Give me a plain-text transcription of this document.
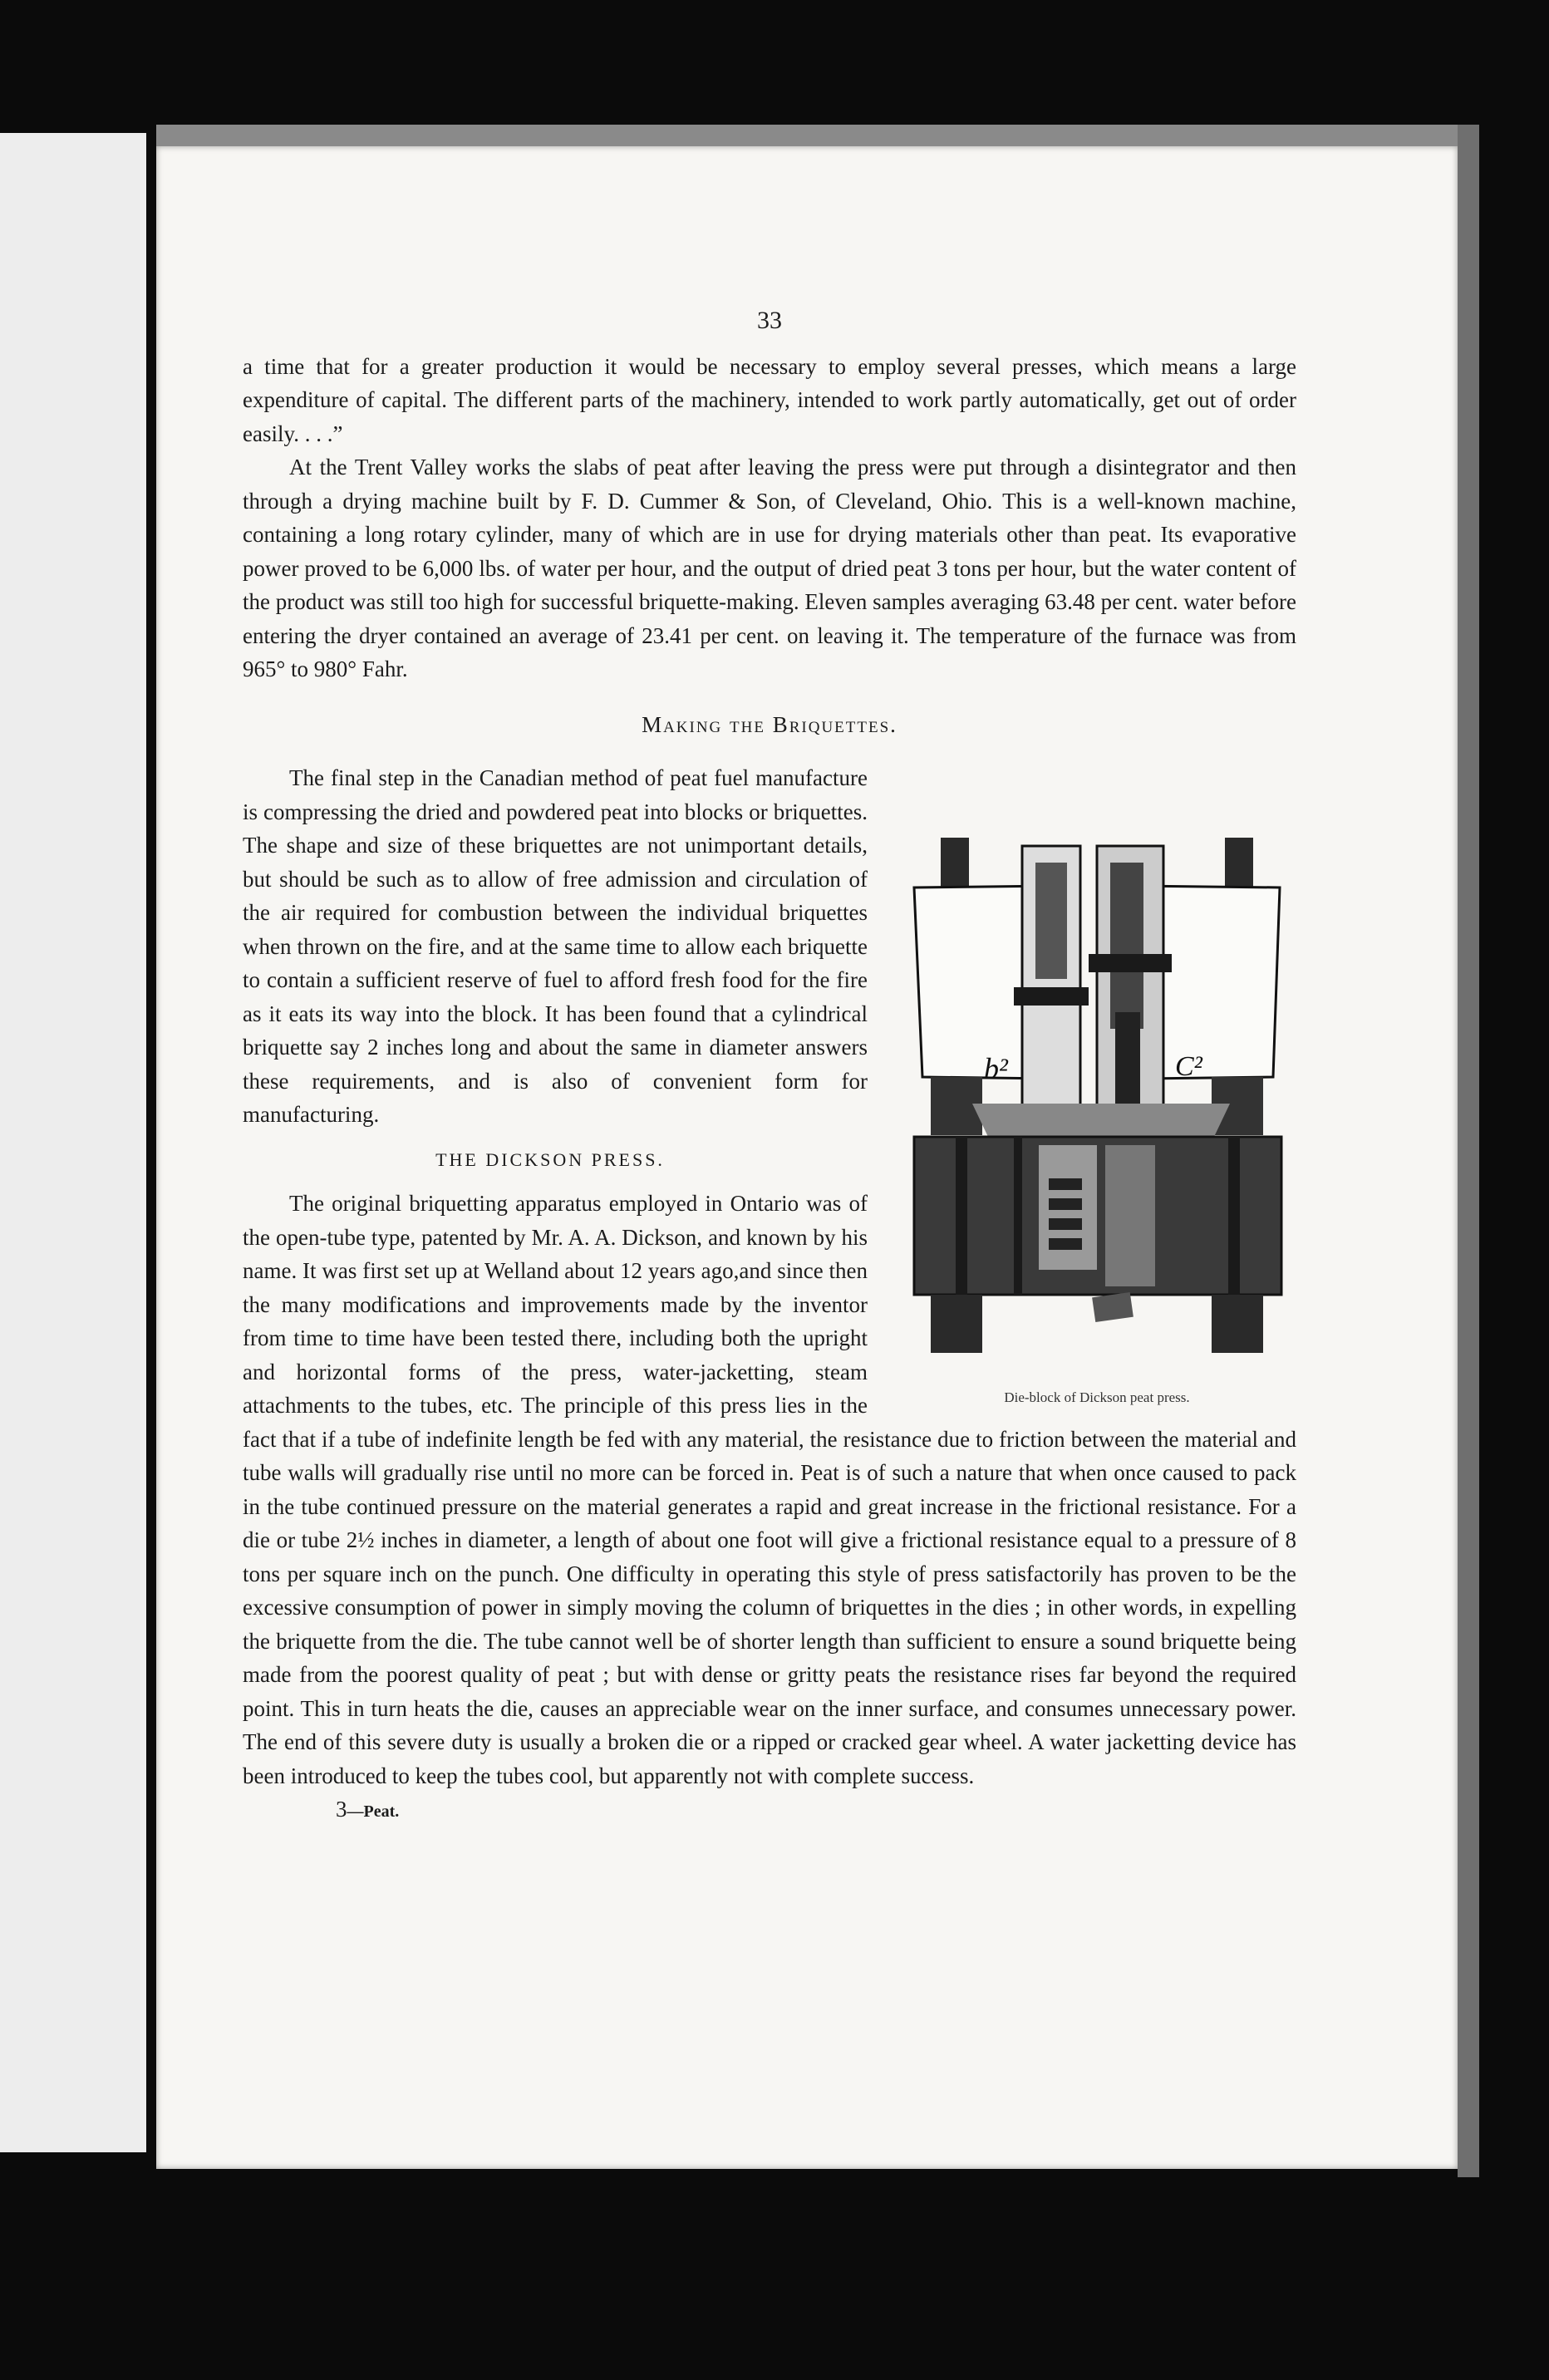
33

a time that for a greater production it would be necessary to employ several presses, which means a large expenditure of capital. The different parts of the machinery, intended to work partly automatically, get out of order easily. . . .”

At the Trent Valley works the slabs of peat after leaving the press were put through a disintegrator and then through a drying machine built by F. D. Cummer & Son, of Cleveland, Ohio. This is a well-known machine, containing a long rotary cylinder, many of which are in use for drying materials other than peat. Its evaporative power proved to be 6,000 lbs. of water per hour, and the output of dried peat 3 tons per hour, but the water content of the product was still too high for successful briquette-making. Eleven samples averaging 63.48 per cent. water before entering the dryer contained an average of 23.41 per cent. on leaving it. The temperature of the furnace was from 965° to 980° Fahr.

Making the Briquettes.
b²	C²
Die-block of Dickson peat press.

The final step in the Canadian method of peat fuel manufacture is compressing the dried and powdered peat into blocks or briquettes. The shape and size of these briquettes are not unimportant details, but should be such as to allow of free admission and circulation of the air required for combustion between the individual briquettes when thrown on the fire, and at the same time to allow each briquette to contain a sufficient reserve of fuel to afford fresh food for the fire as it eats its way into the block. It has been found that a cylindrical briquette say 2 inches long and about the same in diameter answers these requirements, and is also of convenient form for manufacturing.

THE DICKSON PRESS.

The original briquetting apparatus employed in Ontario was of the open-tube type, patented by Mr. A. A. Dickson, and known by his name. It was first set up at Welland about 12 years ago,and since then the many modifications and improvements made by the inventor from time to time have been tested there, including both the upright and horizontal forms of the press, water-jacketting, steam attachments to the tubes, etc. The principle of this press lies in the fact that if a tube of indefinite length be fed with any material, the resistance due to friction between the material and tube walls will gradually rise until no more can be forced in. Peat is of such a nature that when once caused to pack in the tube continued pressure on the material generates a rapid and great increase in the frictional resistance. For a die or tube 2½ inches in diameter, a length of about one foot will give a frictional resistance equal to a pressure of 8 tons per square inch on the punch. One difficulty in operating this style of press satisfactorily has proven to be the excessive consumption of power in simply moving the column of briquettes in the dies ; in other words, in expelling the briquette from the die. The tube cannot well be of shorter length than sufficient to ensure a sound briquette being made from the poorest quality of peat ; but with dense or gritty peats the resistance rises far beyond the required point. This in turn heats the die, causes an appreciable wear on the inner surface, and consumes unnecessary power. The end of this severe duty is usually a broken die or a ripped or cracked gear wheel. A water jacketting device has been introduced to keep the tubes cool, but apparently not with complete success.

3—Peat.
